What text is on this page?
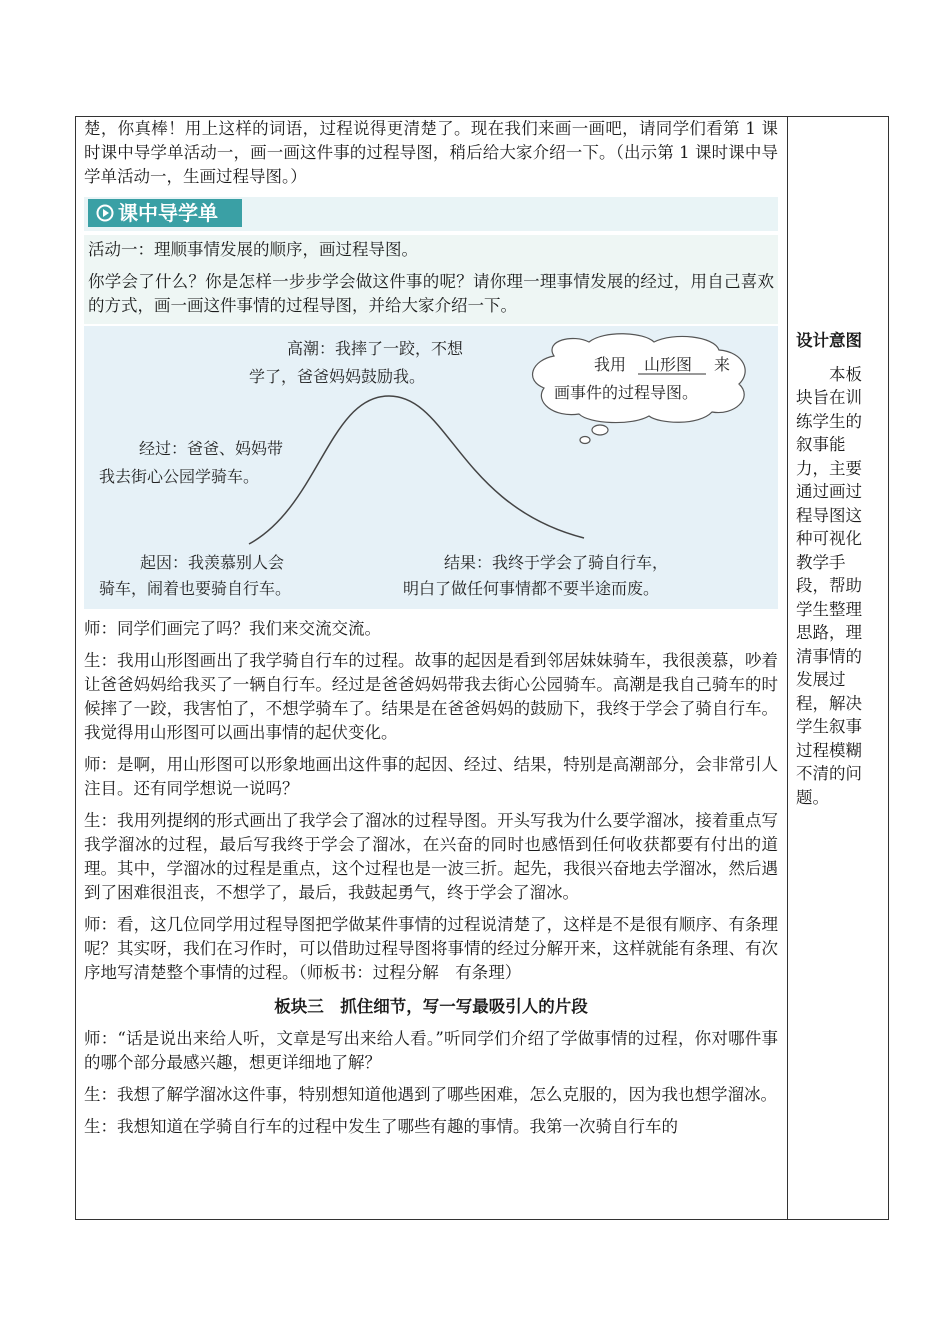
楚，你真棒！用上这样的词语，过程说得更清楚了。现在我们来画一画吧，请同学们看第 1 课时课中导学单活动一，画一画这件事的过程导图，稍后给大家介绍一下。（出示第 1 课时课中导学单活动一，生画过程导图。）

课中导学单

活动一：理顺事情发展的顺序，画过程导图。

你学会了什么？你是怎样一步步学会做这件事的呢？请你理一理事情发展的经过，用自己喜欢的方式，画一画这件事情的过程导图，并给大家介绍一下。

高潮：我摔了一跤，不想
学了，爸爸妈妈鼓励我。
我用 山形图 来
画事件的过程导图。
经过：爸爸、妈妈带
我去街心公园学骑车。
起因：我羡慕别人会
骑车，闹着也要骑自行车。
结果：我终于学会了骑自行车，
明白了做任何事情都不要半途而废。

师：同学们画完了吗？我们来交流交流。

生：我用山形图画出了我学骑自行车的过程。故事的起因是看到邻居妹妹骑车，我很羡慕，吵着让爸爸妈妈给我买了一辆自行车。经过是爸爸妈妈带我去街心公园骑车。高潮是我自己骑车的时候摔了一跤，我害怕了，不想学骑车了。结果是在爸爸妈妈的鼓励下，我终于学会了骑自行车。我觉得用山形图可以画出事情的起伏变化。

师：是啊，用山形图可以形象地画出这件事的起因、经过、结果，特别是高潮部分，会非常引人注目。还有同学想说一说吗？

生：我用列提纲的形式画出了我学会了溜冰的过程导图。开头写我为什么要学溜冰，接着重点写我学溜冰的过程，最后写我终于学会了溜冰，在兴奋的同时也感悟到任何收获都要有付出的道理。其中，学溜冰的过程是重点，这个过程也是一波三折。起先，我很兴奋地去学溜冰，然后遇到了困难很沮丧，不想学了，最后，我鼓起勇气，终于学会了溜冰。

师：看，这几位同学用过程导图把学做某件事情的过程说清楚了，这样是不是很有顺序、有条理呢？其实呀，我们在习作时，可以借助过程导图将事情的经过分解开来，这样就能有条理、有次序地写清楚整个事情的过程。（师板书：过程分解　有条理）

板块三　抓住细节，写一写最吸引人的片段

师：“话是说出来给人听，文章是写出来给人看。”听同学们介绍了学做事情的过程，你对哪件事的哪个部分最感兴趣，想更详细地了解？

生：我想了解学溜冰这件事，特别想知道他遇到了哪些困难，怎么克服的，因为我也想学溜冰。

生：我想知道在学骑自行车的过程中发生了哪些有趣的事情。我第一次骑自行车的

设计意图
本板块旨在训练学生的叙事能力，主要通过画过程导图这种可视化教学手段，帮助学生整理思路，理清事情的发展过程，解决学生叙事过程模糊不清的问题。
